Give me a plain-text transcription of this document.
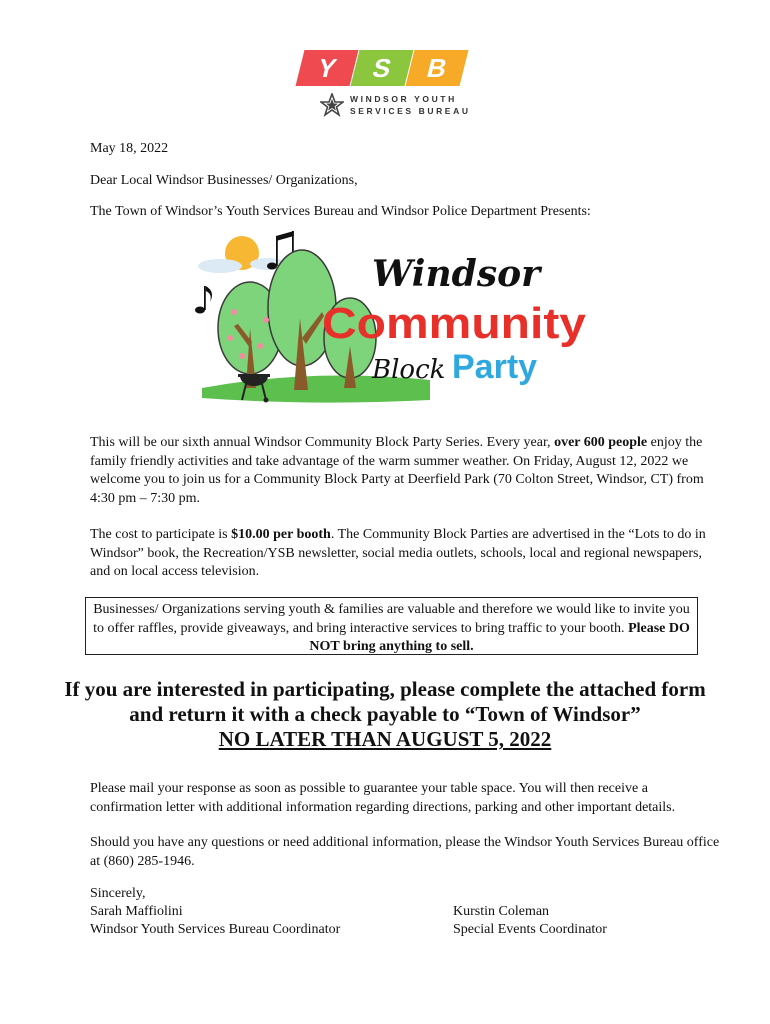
Y	S	B
WINDSOR YOUTH
SERVICES BUREAU
May 18, 2022
Dear Local Windsor Businesses/ Organizations,
The Town of Windsor’s Youth Services Bureau and Windsor Police Department Presents:
Windsor
Community
Block Party
This will be our sixth annual Windsor Community Block Party Series. Every year, over 600 people enjoy the family friendly activities and take advantage of the warm summer weather. On Friday, August 12, 2022 we welcome you to join us for a Community Block Party at Deerfield Park (70 Colton Street, Windsor, CT) from 4:30 pm – 7:30 pm.
The cost to participate is $10.00 per booth. The Community Block Parties are advertised in the “Lots to do in Windsor” book, the Recreation/YSB newsletter, social media outlets, schools, local and regional newspapers, and on local access television.
Businesses/ Organizations serving youth & families are valuable and therefore we would like to invite you to offer raffles, provide giveaways, and bring interactive services to bring traffic to your booth. Please DO NOT bring anything to sell.
If you are interested in participating, please complete the attached form
and return it with a check payable to “Town of Windsor”
NO LATER THAN AUGUST 5, 2022
Please mail your response as soon as possible to guarantee your table space. You will then receive a confirmation letter with additional information regarding directions, parking and other important details.
Should you have any questions or need additional information, please the Windsor Youth Services Bureau office at (860) 285-1946.
Sincerely,
Sarah Maffiolini
Windsor Youth Services Bureau Coordinator
Kurstin Coleman
Special Events Coordinator
